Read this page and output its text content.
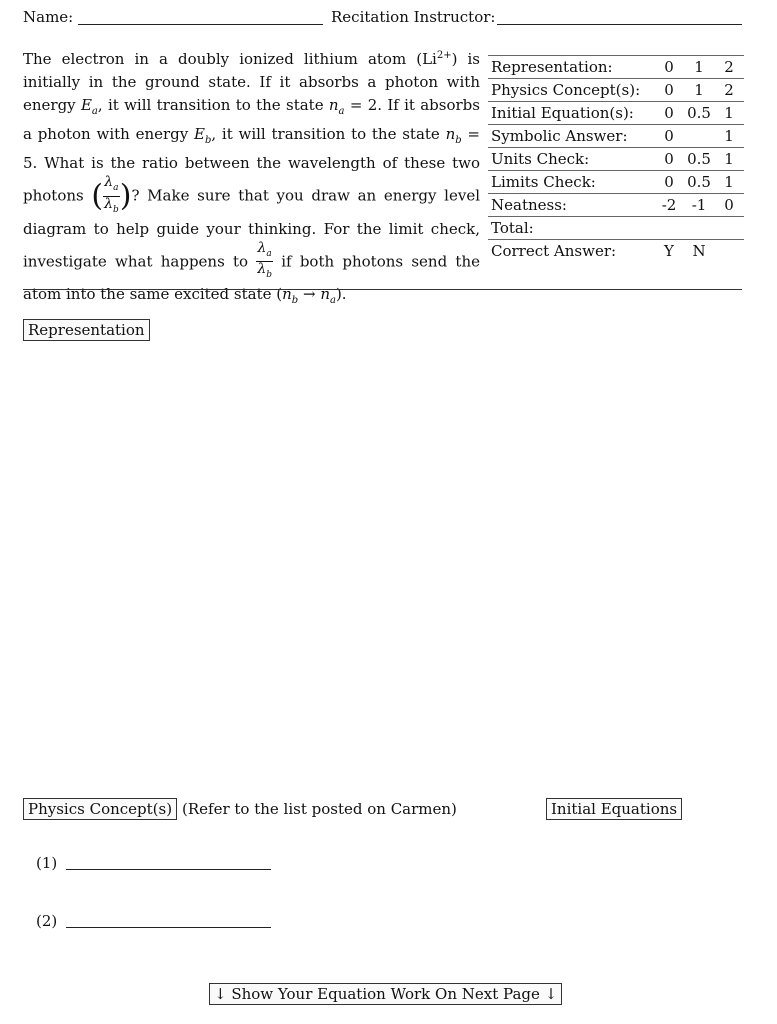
Name:	Recitation Instructor:
The electron in a doubly ionized lithium atom $(Li^{2+})$ is initially in the ground state. If it absorbs a photon with energy $E_a$, it will transition to the state $n_a = 2$. If it absorbs a photon with energy $E_b$, it will transition to the state $n_b = 5$. What is the ratio between the wavelength of these two photons ( $\frac{\lambda_a}{\lambda_b}$ )? Make sure that you draw an energy level diagram to help guide your thinking. For the limit check, investigate what happens to $\frac{\lambda_a}{\lambda_b}$ if both photons send the atom into the same excited state $(n_b \to n_a)$.
Representation:	0	1	2
Physics Concept(s):	0	1	2
Initial Equation(s):	0	0.5	1
Symbolic Answer:	0		1
Units Check:	0	0.5	1
Limits Check:	0	0.5	1
Neatness:	-2	-1	0
Total:			
Correct Answer:	Y	N	
Representation
Physics Concept(s) (Refer to the list posted on Carmen)	Initial Equations
(1)
(2)
↓ Show Your Equation Work On Next Page ↓
